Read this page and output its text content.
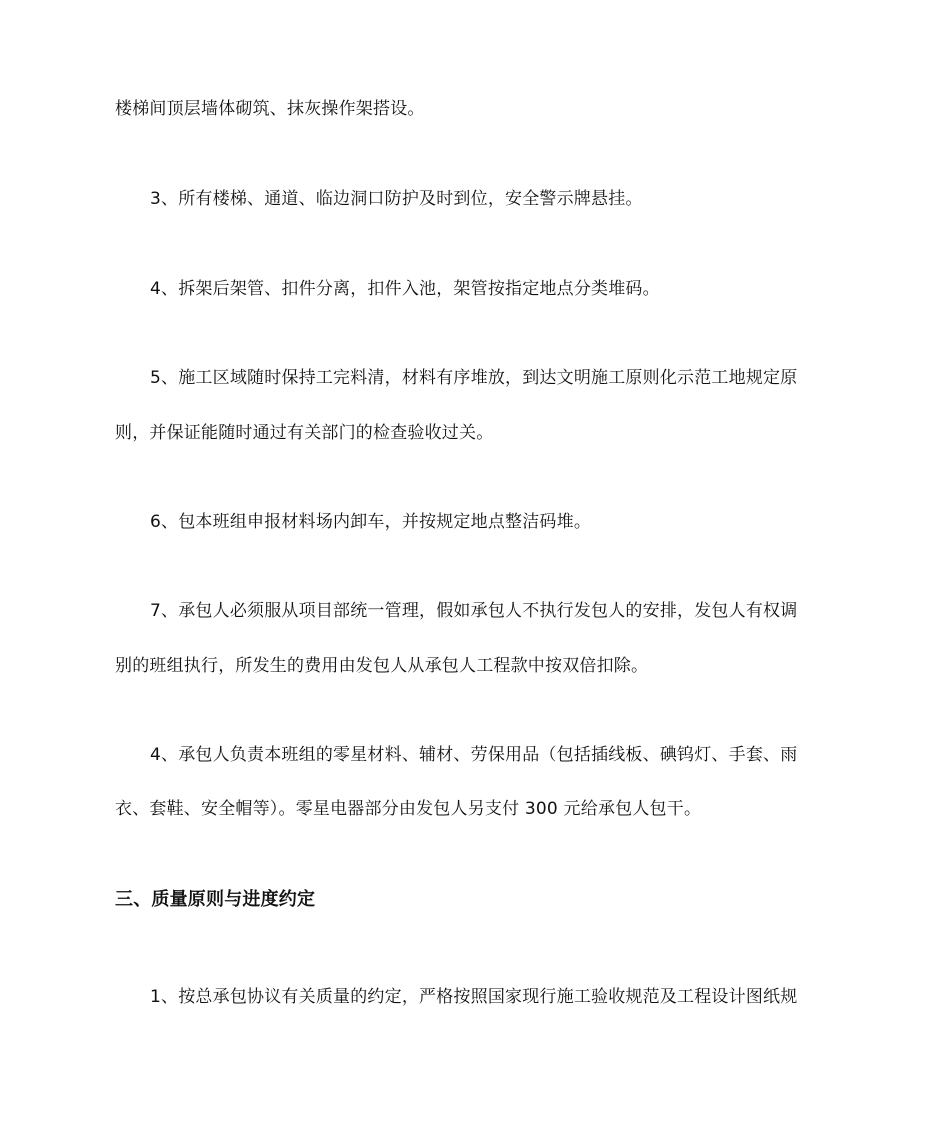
楼梯间顶层墙体砌筑、抹灰操作架搭设。
3、所有楼梯、通道、临边洞口防护及时到位，安全警示牌悬挂。
4、拆架后架管、扣件分离，扣件入池，架管按指定地点分类堆码。
5、施工区域随时保持工完料清，材料有序堆放，到达文明施工原则化示范工地规定原
则，并保证能随时通过有关部门的检查验收过关。
6、包本班组申报材料场内卸车，并按规定地点整洁码堆。
7、承包人必须服从项目部统一管理，假如承包人不执行发包人的安排，发包人有权调
别的班组执行，所发生的费用由发包人从承包人工程款中按双倍扣除。
4、承包人负责本班组的零星材料、辅材、劳保用品（包括插线板、碘钨灯、手套、雨
衣、套鞋、安全帽等）。零星电器部分由发包人另支付 300 元给承包人包干。
三、质量原则与进度约定
1、按总承包协议有关质量的约定，严格按照国家现行施工验收规范及工程设计图纸规
